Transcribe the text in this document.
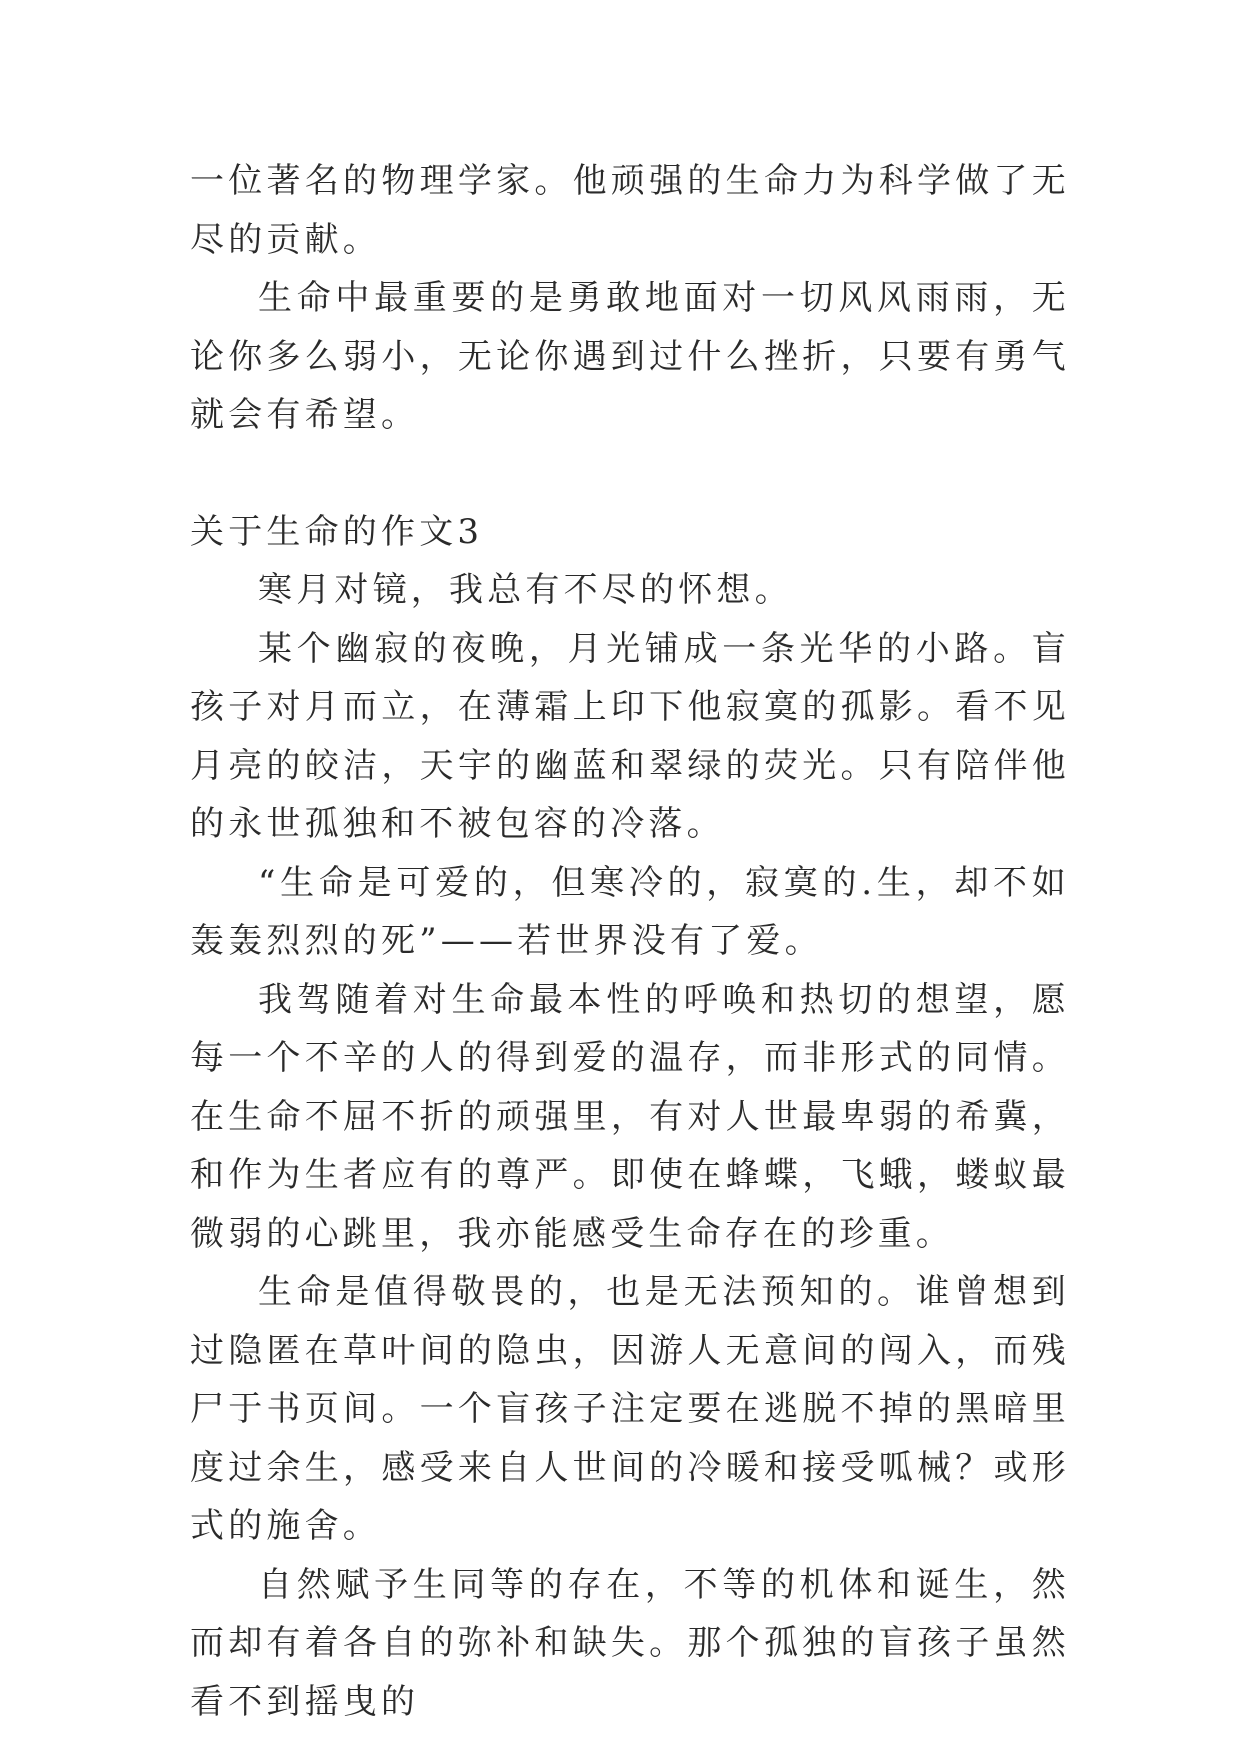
一位著名的物理学家。他顽强的生命力为科学做了无尽的贡献。

生命中最重要的是勇敢地面对一切风风雨雨，无论你多么弱小，无论你遇到过什么挫折，只要有勇气就会有希望。

关于生命的作文3

寒月对镜，我总有不尽的怀想。

某个幽寂的夜晚，月光铺成一条光华的小路。盲孩子对月而立，在薄霜上印下他寂寞的孤影。看不见月亮的皎洁，天宇的幽蓝和翠绿的荧光。只有陪伴他的永世孤独和不被包容的冷落。

“生命是可爱的，但寒冷的，寂寞的.生，却不如轰轰烈烈的死”——若世界没有了爱。

我驾随着对生命最本性的呼唤和热切的想望，愿每一个不辛的人的得到爱的温存，而非形式的同情。在生命不屈不折的顽强里，有对人世最卑弱的希冀，和作为生者应有的尊严。即使在蜂蝶，飞蛾，蝼蚁最微弱的心跳里，我亦能感受生命存在的珍重。

生命是值得敬畏的，也是无法预知的。谁曾想到过隐匿在草叶间的隐虫，因游人无意间的闯入，而残尸于书页间。一个盲孩子注定要在逃脱不掉的黑暗里度过余生，感受来自人世间的冷暖和接受呱械？或形式的施舍。

自然赋予生同等的存在，不等的机体和诞生，然而却有着各自的弥补和缺失。那个孤独的盲孩子虽然看不到摇曳的
